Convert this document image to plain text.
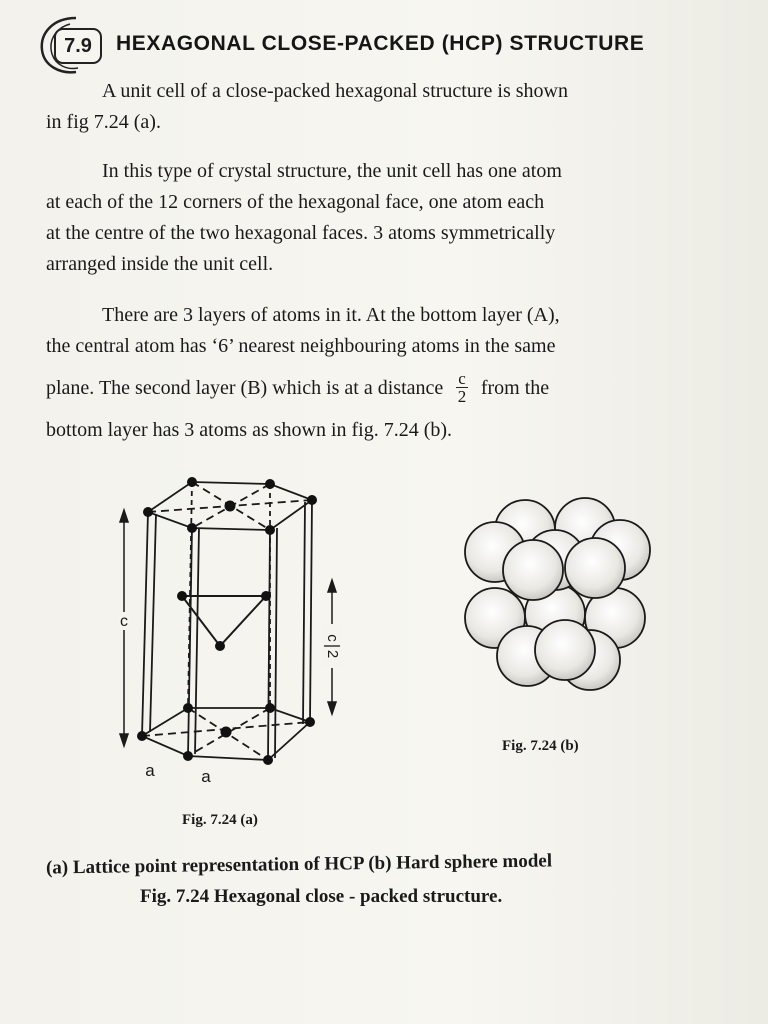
7.9	HEXAGONAL CLOSE-PACKED (HCP) STRUCTURE
A unit cell of a close-packed hexagonal structure is shown
in fig 7.24 (a).
In this type of crystal structure, the unit cell has one atom
at each of the 12 corners of the hexagonal face, one atom each
at the centre of the two hexagonal faces. 3 atoms symmetrically
arranged inside the unit cell.
There are 3 layers of atoms in it. At the bottom layer (A),
the central atom has ‘6’ nearest neighbouring atoms in the same
plane. The second layer (B) which is at a distance $\frac{c}{2}$ from the
bottom layer has 3 atoms as shown in fig. 7.24 (b).
c
c
2
a	a
Fig. 7.24 (a)
Fig. 7.24 (b)
(a) Lattice point representation of HCP (b) Hard sphere model
Fig. 7.24 Hexagonal close - packed structure.
